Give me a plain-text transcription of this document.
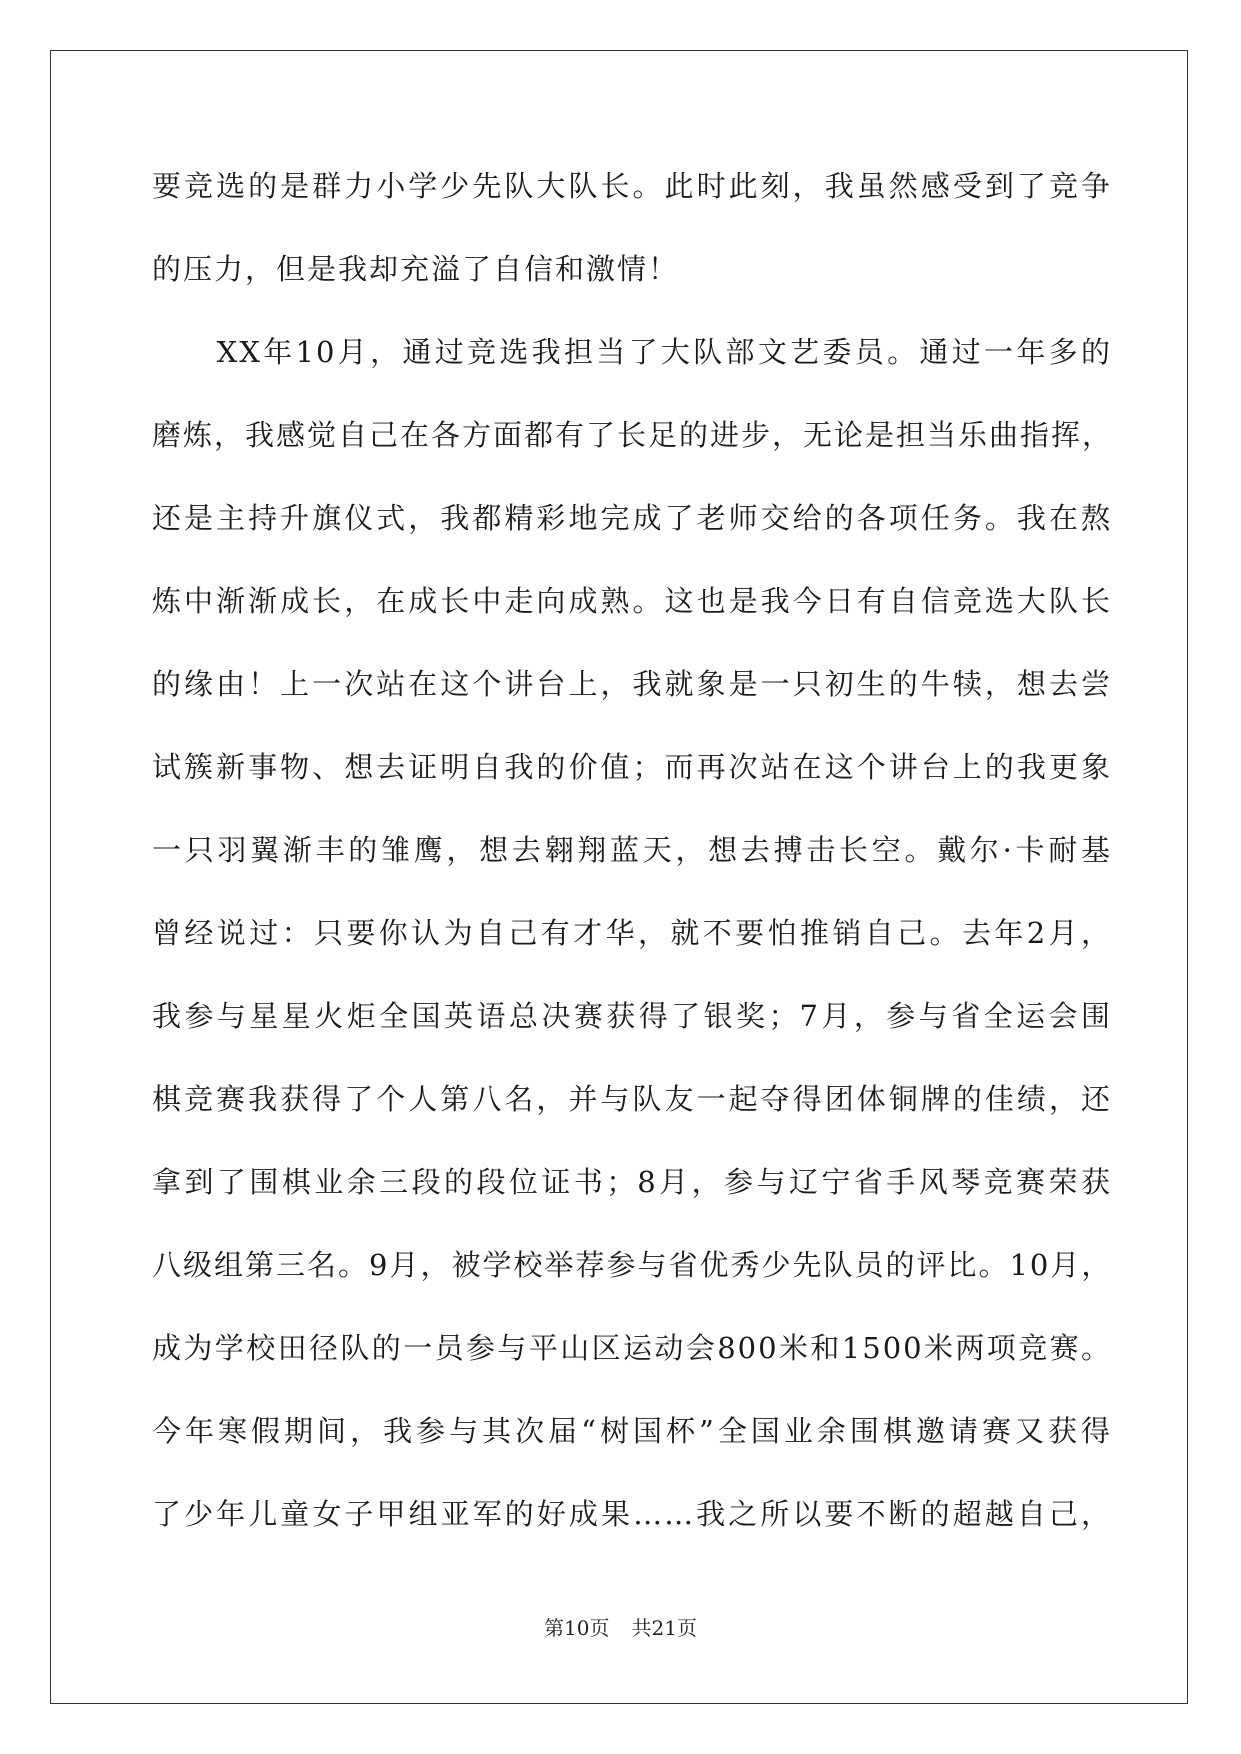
要竞选的是群力小学少先队大队长。此时此刻，我虽然感受到了竞争
的压力，但是我却充溢了自信和激情！
　　XX年10月，通过竞选我担当了大队部文艺委员。通过一年多的
磨炼，我感觉自己在各方面都有了长足的进步，无论是担当乐曲指挥，
还是主持升旗仪式，我都精彩地完成了老师交给的各项任务。我在熬
炼中渐渐成长，在成长中走向成熟。这也是我今日有自信竞选大队长
的缘由！上一次站在这个讲台上，我就象是一只初生的牛犊，想去尝
试簇新事物、想去证明自我的价值；而再次站在这个讲台上的我更象
一只羽翼渐丰的雏鹰，想去翱翔蓝天，想去搏击长空。戴尔·卡耐基
曾经说过：只要你认为自己有才华，就不要怕推销自己。去年2月，
我参与星星火炬全国英语总决赛获得了银奖；7月，参与省全运会围
棋竞赛我获得了个人第八名，并与队友一起夺得团体铜牌的佳绩，还
拿到了围棋业余三段的段位证书；8月，参与辽宁省手风琴竞赛荣获
八级组第三名。9月，被学校举荐参与省优秀少先队员的评比。10月，
成为学校田径队的一员参与平山区运动会800米和1500米两项竞赛。
今年寒假期间，我参与其次届“树国杯”全国业余围棋邀请赛又获得
了少年儿童女子甲组亚军的好成果……我之所以要不断的超越自己，
第10页 共21页
